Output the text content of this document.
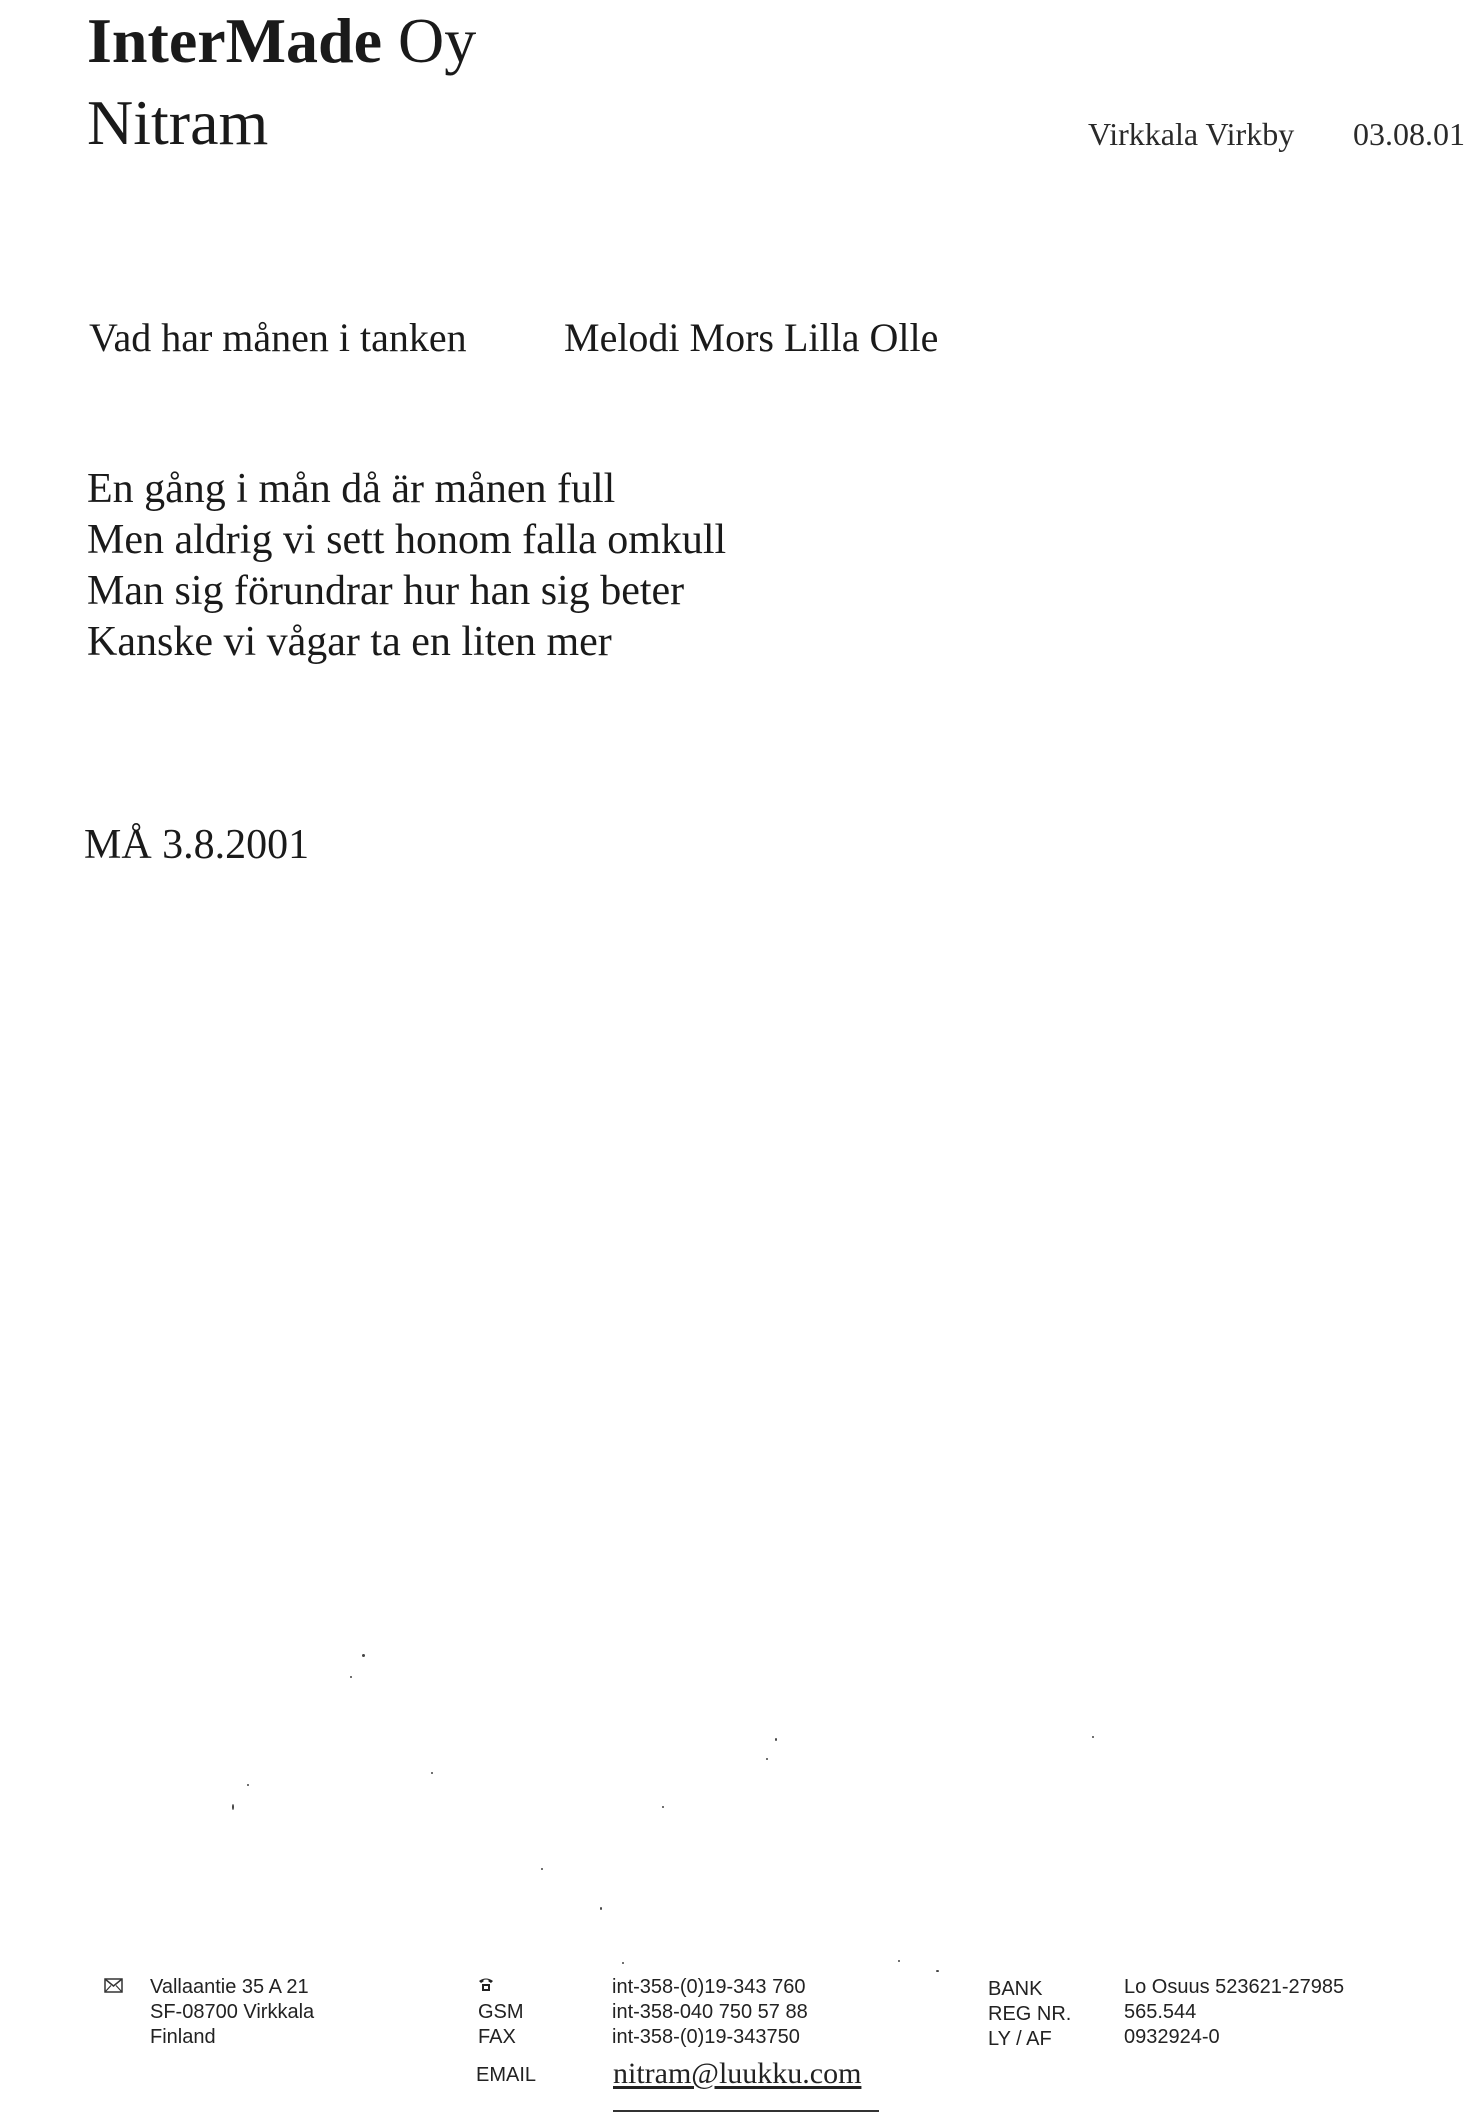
InterMade Oy
Nitram	Virkkala Virkby 03.08.01
Vad har månen i tanken Melodi Mors Lilla Olle
En gång i mån då är månen full
Men aldrig vi sett honom falla omkull
Man sig förundrar hur han sig beter
Kanske vi vågar ta en liten mer
MÅ 3.8.2001
Vallaantie 35 A 21
SF-08700 Virkkala
Finland
GSM
FAX
EMAIL
int-358-(0)19-343 760
int-358-040 750 57 88
int-358-(0)19-343750
nitram@luukku.com
BANK
REG NR.
LY / AF
Lo Osuus 523621-27985
565.544
0932924-0
